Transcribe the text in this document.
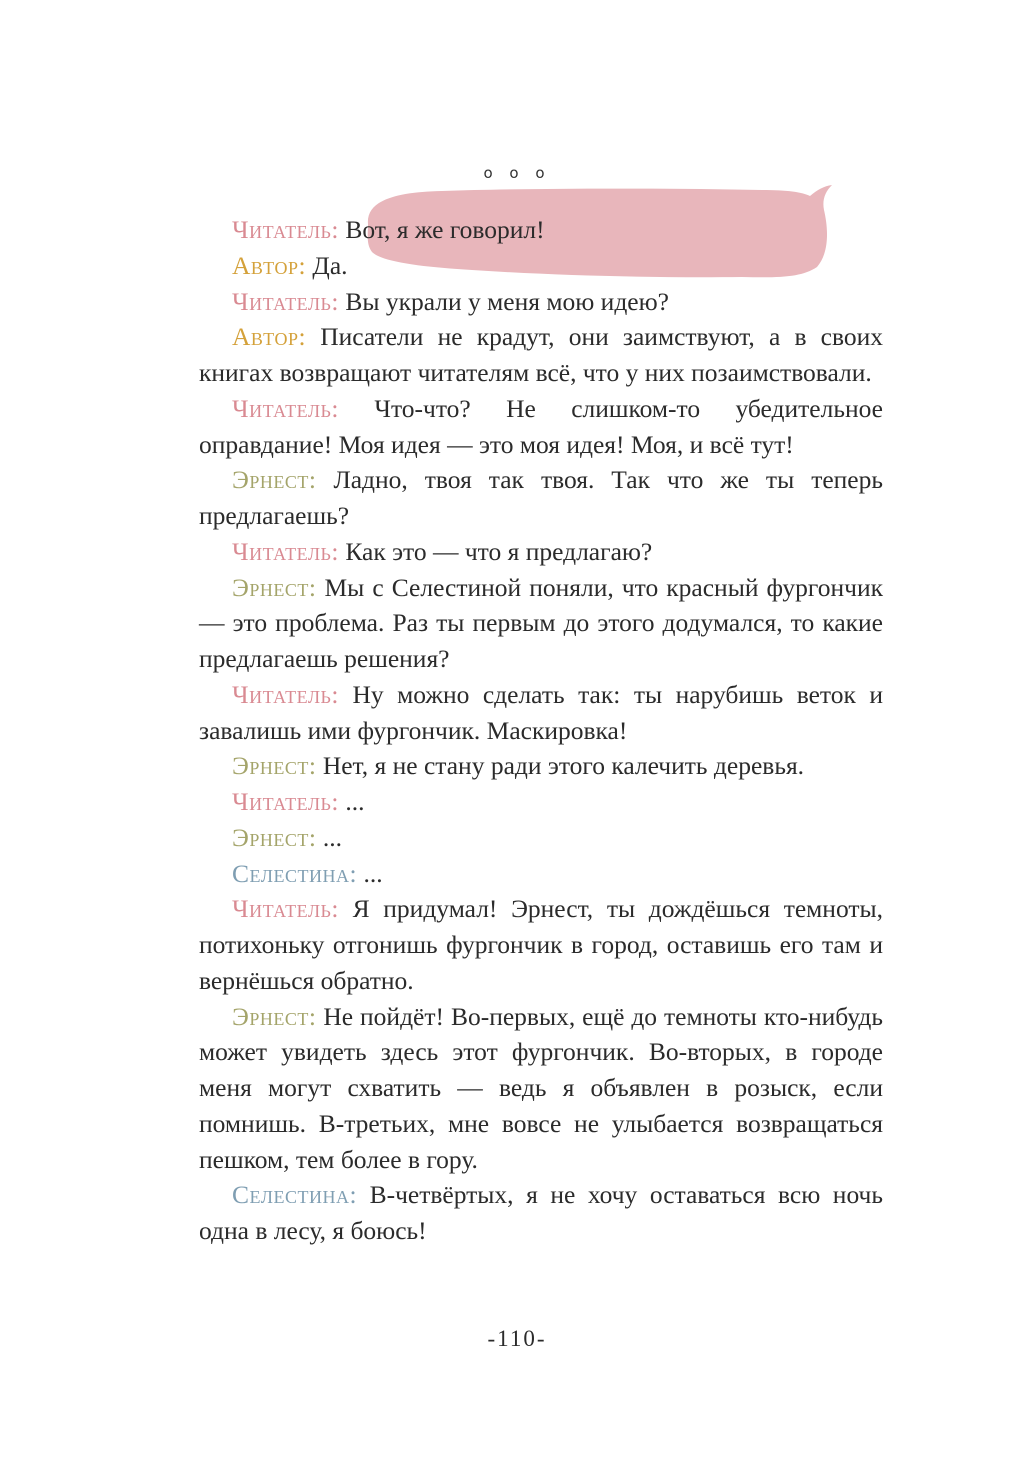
o o o

Читатель: Вот, я же говорил!

Автор: Да.

Читатель: Вы украли у меня мою идею?

Автор: Писатели не крадут, они заимствуют, а в своих книгах возвращают читателям всё, что у них позаимствовали.

Читатель: Что-что? Не слишком-то убедительное оправдание! Моя идея — это моя идея! Моя, и всё тут!

Эрнест: Ладно, твоя так твоя. Так что же ты теперь предлагаешь?

Читатель: Как это — что я предлагаю?

Эрнест: Мы с Селестиной поняли, что красный фургончик — это проблема. Раз ты первым до этого додумался, то какие предлагаешь решения?

Читатель: Ну можно сделать так: ты нарубишь веток и завалишь ими фургончик. Маскировка!

Эрнест: Нет, я не стану ради этого калечить деревья.

Читатель: ...

Эрнест: ...

Селестина: ...

Читатель: Я придумал! Эрнест, ты дождёшься темноты, потихоньку отгонишь фургончик в город, оставишь его там и вернёшься обратно.

Эрнест: Не пойдёт! Во-первых, ещё до темноты кто-нибудь может увидеть здесь этот фургончик. Во-вторых, в городе меня могут схватить — ведь я объявлен в розыск, если помнишь. В-третьих, мне вовсе не улыбается возвращаться пешком, тем более в гору.

Селестина: В-четвёртых, я не хочу оставаться всю ночь одна в лесу, я боюсь!

-110-
